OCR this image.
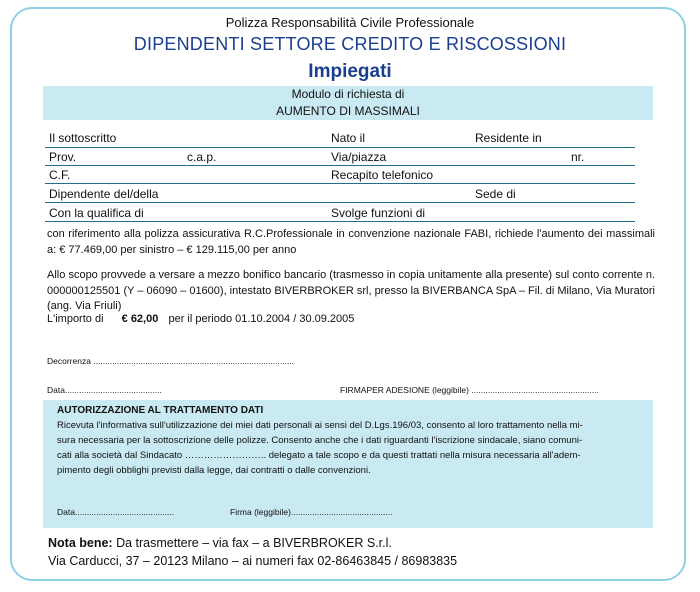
Polizza Responsabilità Civile Professionale
DIPENDENTI SETTORE CREDITO E RISCOSSIONI
Impiegati
Modulo di richiesta di
AUMENTO DI MASSIMALI
Il sottoscritto	Nato il	Residente in
Prov.	c.a.p.	Via/piazza	nr.
C.F.	Recapito telefonico
Dipendente del/della	Sede di
Con la qualifica di	Svolge funzioni di
con riferimento alla polizza assicurativa R.C.Professionale in convenzione nazionale FABI, richiede l'aumento dei massimali a: € 77.469,00 per sinistro – € 129.115,00 per anno
Allo scopo provvede a versare a mezzo bonifico bancario (trasmesso in copia unitamente alla presente) sul conto corrente n. 000000125501 (Y – 06090 – 01600), intestato BIVERBROKER srl, presso la BIVERBANCA SpA – Fil. di Milano, Via Muratori (ang. Via Friuli)
L'importo di € 62,00 per il periodo 01.10.2004 / 30.09.2005
Decorrenza .....................................................................................
Data.........................................	FIRMAPER ADESIONE (leggibile) ......................................................
AUTORIZZAZIONE AL TRATTAMENTO DATI
Ricevuta l'informativa sull'utilizzazione dei miei dati personali ai sensi del D.Lgs.196/03, consento al loro trattamento nella mi-
sura necessaria per la sottoscrizione delle polizze. Consento anche che i dati riguardanti l'iscrizione sindacale, siano comuni-
cati alla società dal Sindacato …………………….. delegato a tale scopo e da questi trattati nella misura necessaria all'adem-
pimento degli obblighi previsti dalla legge, dai contratti o dalle convenzioni.
Data..........................................	Firma (leggibile)...........................................
Nota bene: Da trasmettere – via fax – a BIVERBROKER S.r.l.
Via Carducci, 37 – 20123 Milano – ai numeri fax 02-86463845 / 86983835
